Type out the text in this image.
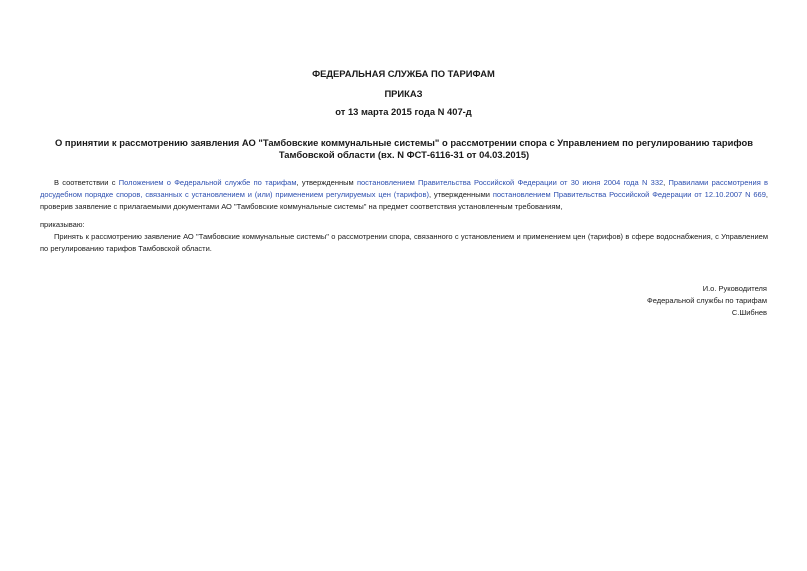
ФЕДЕРАЛЬНАЯ СЛУЖБА ПО ТАРИФАМ
ПРИКАЗ
от 13 марта 2015 года N 407-д
О принятии к рассмотрению заявления АО "Тамбовские коммунальные системы" о рассмотрении спора с Управлением по регулированию тарифов Тамбовской области (вх. N ФСТ-6116-31 от 04.03.2015)
В соответствии с Положением о Федеральной службе по тарифам, утвержденным постановлением Правительства Российской Федерации от 30 июня 2004 года N 332, Правилами рассмотрения в досудебном порядке споров, связанных с установлением и (или) применением регулируемых цен (тарифов), утвержденными постановлением Правительства Российской Федерации от 12.10.2007 N 669, проверив заявление с прилагаемыми документами АО "Тамбовские коммунальные системы" на предмет соответствия установленным требованиям,
приказываю:
Принять к рассмотрению заявление АО "Тамбовские коммунальные системы" о рассмотрении спора, связанного с установлением и применением цен (тарифов) в сфере водоснабжения, с Управлением по регулированию тарифов Тамбовской области.
И.о. Руководителя
Федеральной службы по тарифам
С.Шибнев
